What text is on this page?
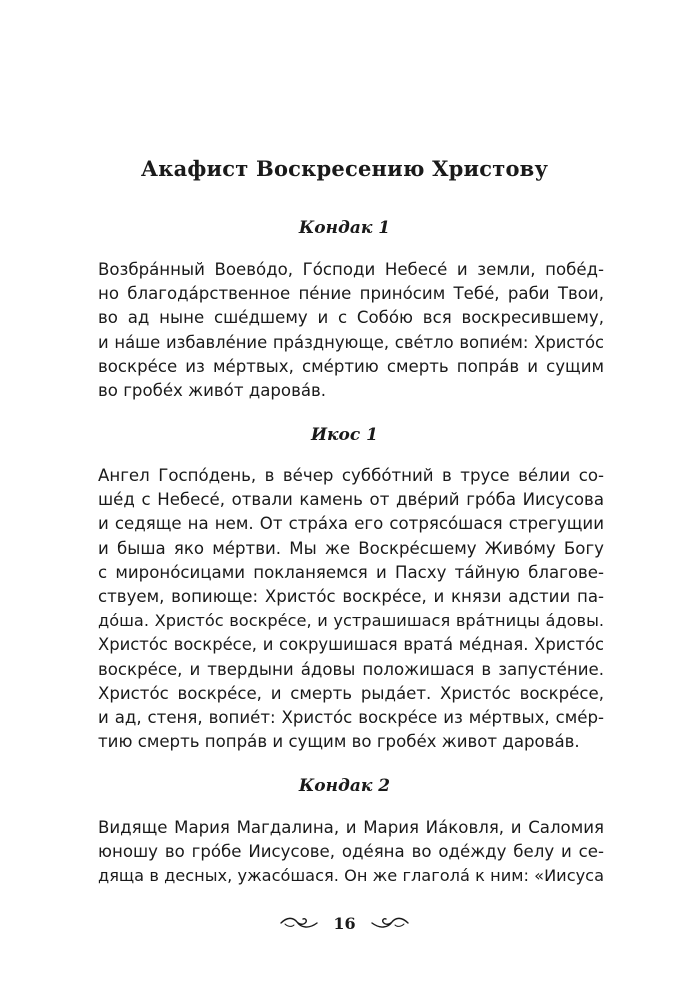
Акафист Воскресению Христову
Кондак 1
Возбра́нный Воево́до, Го́споди Небесе́ и земли, побе́д-
но благода́рственное пе́ние прино́сим Тебе́, раби Твои,
во ад ныне сше́дшему и с Собо́ю вся воскресившему,
и на́ше избавле́ние пра́зднующе, све́тло вопие́м: Христо́с
воскре́се из ме́ртвых, сме́ртию смерть попра́в и сущим
во гробе́х живо́т дарова́в.
Икос 1
Ангел Госпо́день, в ве́чер суббо́тний в трусе ве́лии со-
ше́д с Небесе́, отвали камень от две́рий гро́ба Иисусова
и седяще на нем. От стра́ха его сотрясо́шася стрегущии
и быша яко ме́ртви. Мы же Воскре́сшему Живо́му Богу
с мироно́сицами покланяемся и Пасху та́йную благове-
ствуем, вопиюще: Христо́с воскре́се, и князи адстии па-
до́ша. Христо́с воскре́се, и устрашишася вра́тницы а́довы.
Христо́с воскре́се, и сокрушишася врата́ ме́дная. Христо́с
воскре́се, и твердыни а́довы положишася в запусте́ние.
Христо́с воскре́се, и смерть рыда́ет. Христо́с воскре́се,
и ад, стеня, вопие́т: Христо́с воскре́се из ме́ртвых, сме́р-
тию смерть попра́в и сущим во гробе́х живот дарова́в.
Кондак 2
Видяще Мария Магдалина, и Мария Иа́ковля, и Саломия
юношу во гро́бе Иисусове, оде́яна во оде́жду белу и се-
дяща в десных, ужасо́шася. Он же глагола́ к ним: «Иисуса
16
